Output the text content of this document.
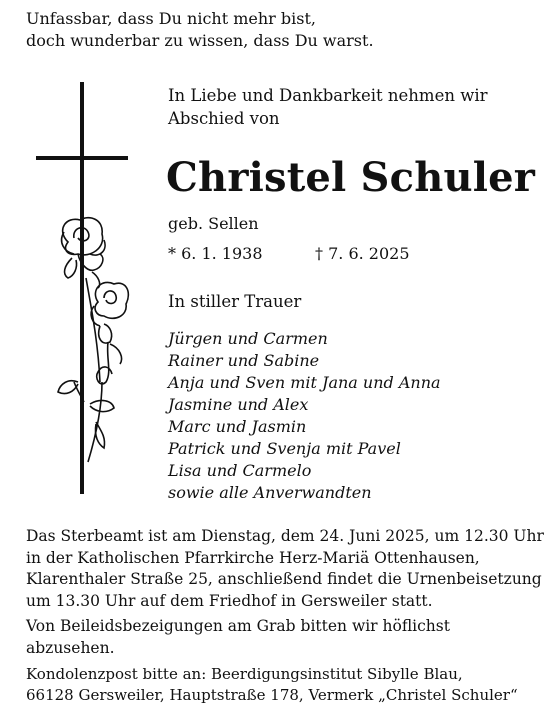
Unfassbar, dass Du nicht mehr bist,
doch wunderbar zu wissen, dass Du warst.
In Liebe und Dankbarkeit nehmen wir
Abschied von
Christel Schuler
geb. Sellen
* 6. 1. 1938	† 7. 6. 2025
In stiller Trauer
Jürgen und Carmen
Rainer und Sabine
Anja und Sven mit Jana und Anna
Jasmine und Alex
Marc und Jasmin
Patrick und Svenja mit Pavel
Lisa und Carmelo
sowie alle Anverwandten
Das Sterbeamt ist am Dienstag, dem 24. Juni 2025, um 12.30 Uhr
in der Katholischen Pfarrkirche Herz-Mariä Ottenhausen,
Klarenthaler Straße 25, anschließend findet die Urnenbeisetzung
um 13.30 Uhr auf dem Friedhof in Gersweiler statt.
Von Beileidsbezeigungen am Grab bitten wir höflichst
abzusehen.
Kondolenzpost bitte an: Beerdigungsinstitut Sibylle Blau,
66128 Gersweiler, Hauptstraße 178, Vermerk „Christel Schuler“
